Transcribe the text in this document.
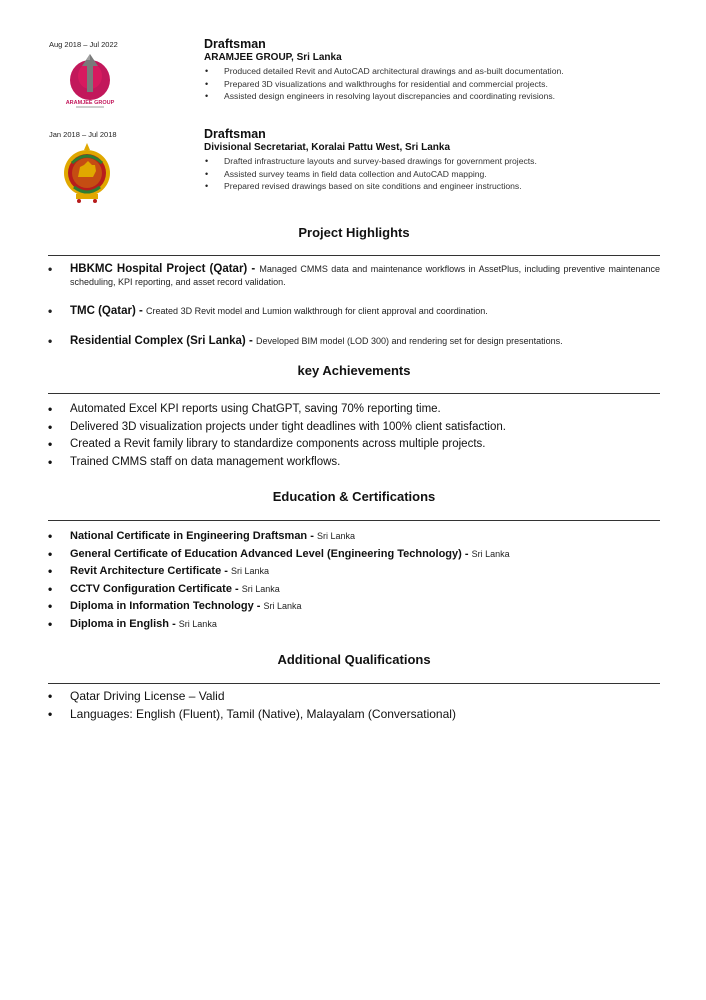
Aug 2018 – Jul 2022
ARAMJEE GROUP
Draftsman
ARAMJEE GROUP, Sri Lanka
• Produced detailed Revit and AutoCAD architectural drawings and as-built documentation.
• Prepared 3D visualizations and walkthroughs for residential and commercial projects.
• Assisted design engineers in resolving layout discrepancies and coordinating revisions.
Jan 2018 – Jul 2018	Draftsman
Divisional Secretariat, Koralai Pattu West, Sri Lanka
• Drafted infrastructure layouts and survey-based drawings for government projects.
• Assisted survey teams in field data collection and AutoCAD mapping.
• Prepared revised drawings based on site conditions and engineer instructions.
Project Highlights
• HBKMC Hospital Project (Qatar) - Managed CMMS data and maintenance workflows in AssetPlus, including preventive maintenance scheduling, KPI reporting, and asset record validation.
• TMC (Qatar) - Created 3D Revit model and Lumion walkthrough for client approval and coordination.
• Residential Complex (Sri Lanka) - Developed BIM model (LOD 300) and rendering set for design presentations.
key Achievements
• Automated Excel KPI reports using ChatGPT, saving 70% reporting time.
• Delivered 3D visualization projects under tight deadlines with 100% client satisfaction.
• Created a Revit family library to standardize components across multiple projects.
• Trained CMMS staff on data management workflows.
Education & Certifications
• National Certificate in Engineering Draftsman - Sri Lanka
• General Certificate of Education Advanced Level (Engineering Technology) - Sri Lanka
• Revit Architecture Certificate - Sri Lanka
• CCTV Configuration Certificate - Sri Lanka
• Diploma in Information Technology - Sri Lanka
• Diploma in English - Sri Lanka
Additional Qualifications
• Qatar Driving License – Valid
• Languages: English (Fluent), Tamil (Native), Malayalam (Conversational)
